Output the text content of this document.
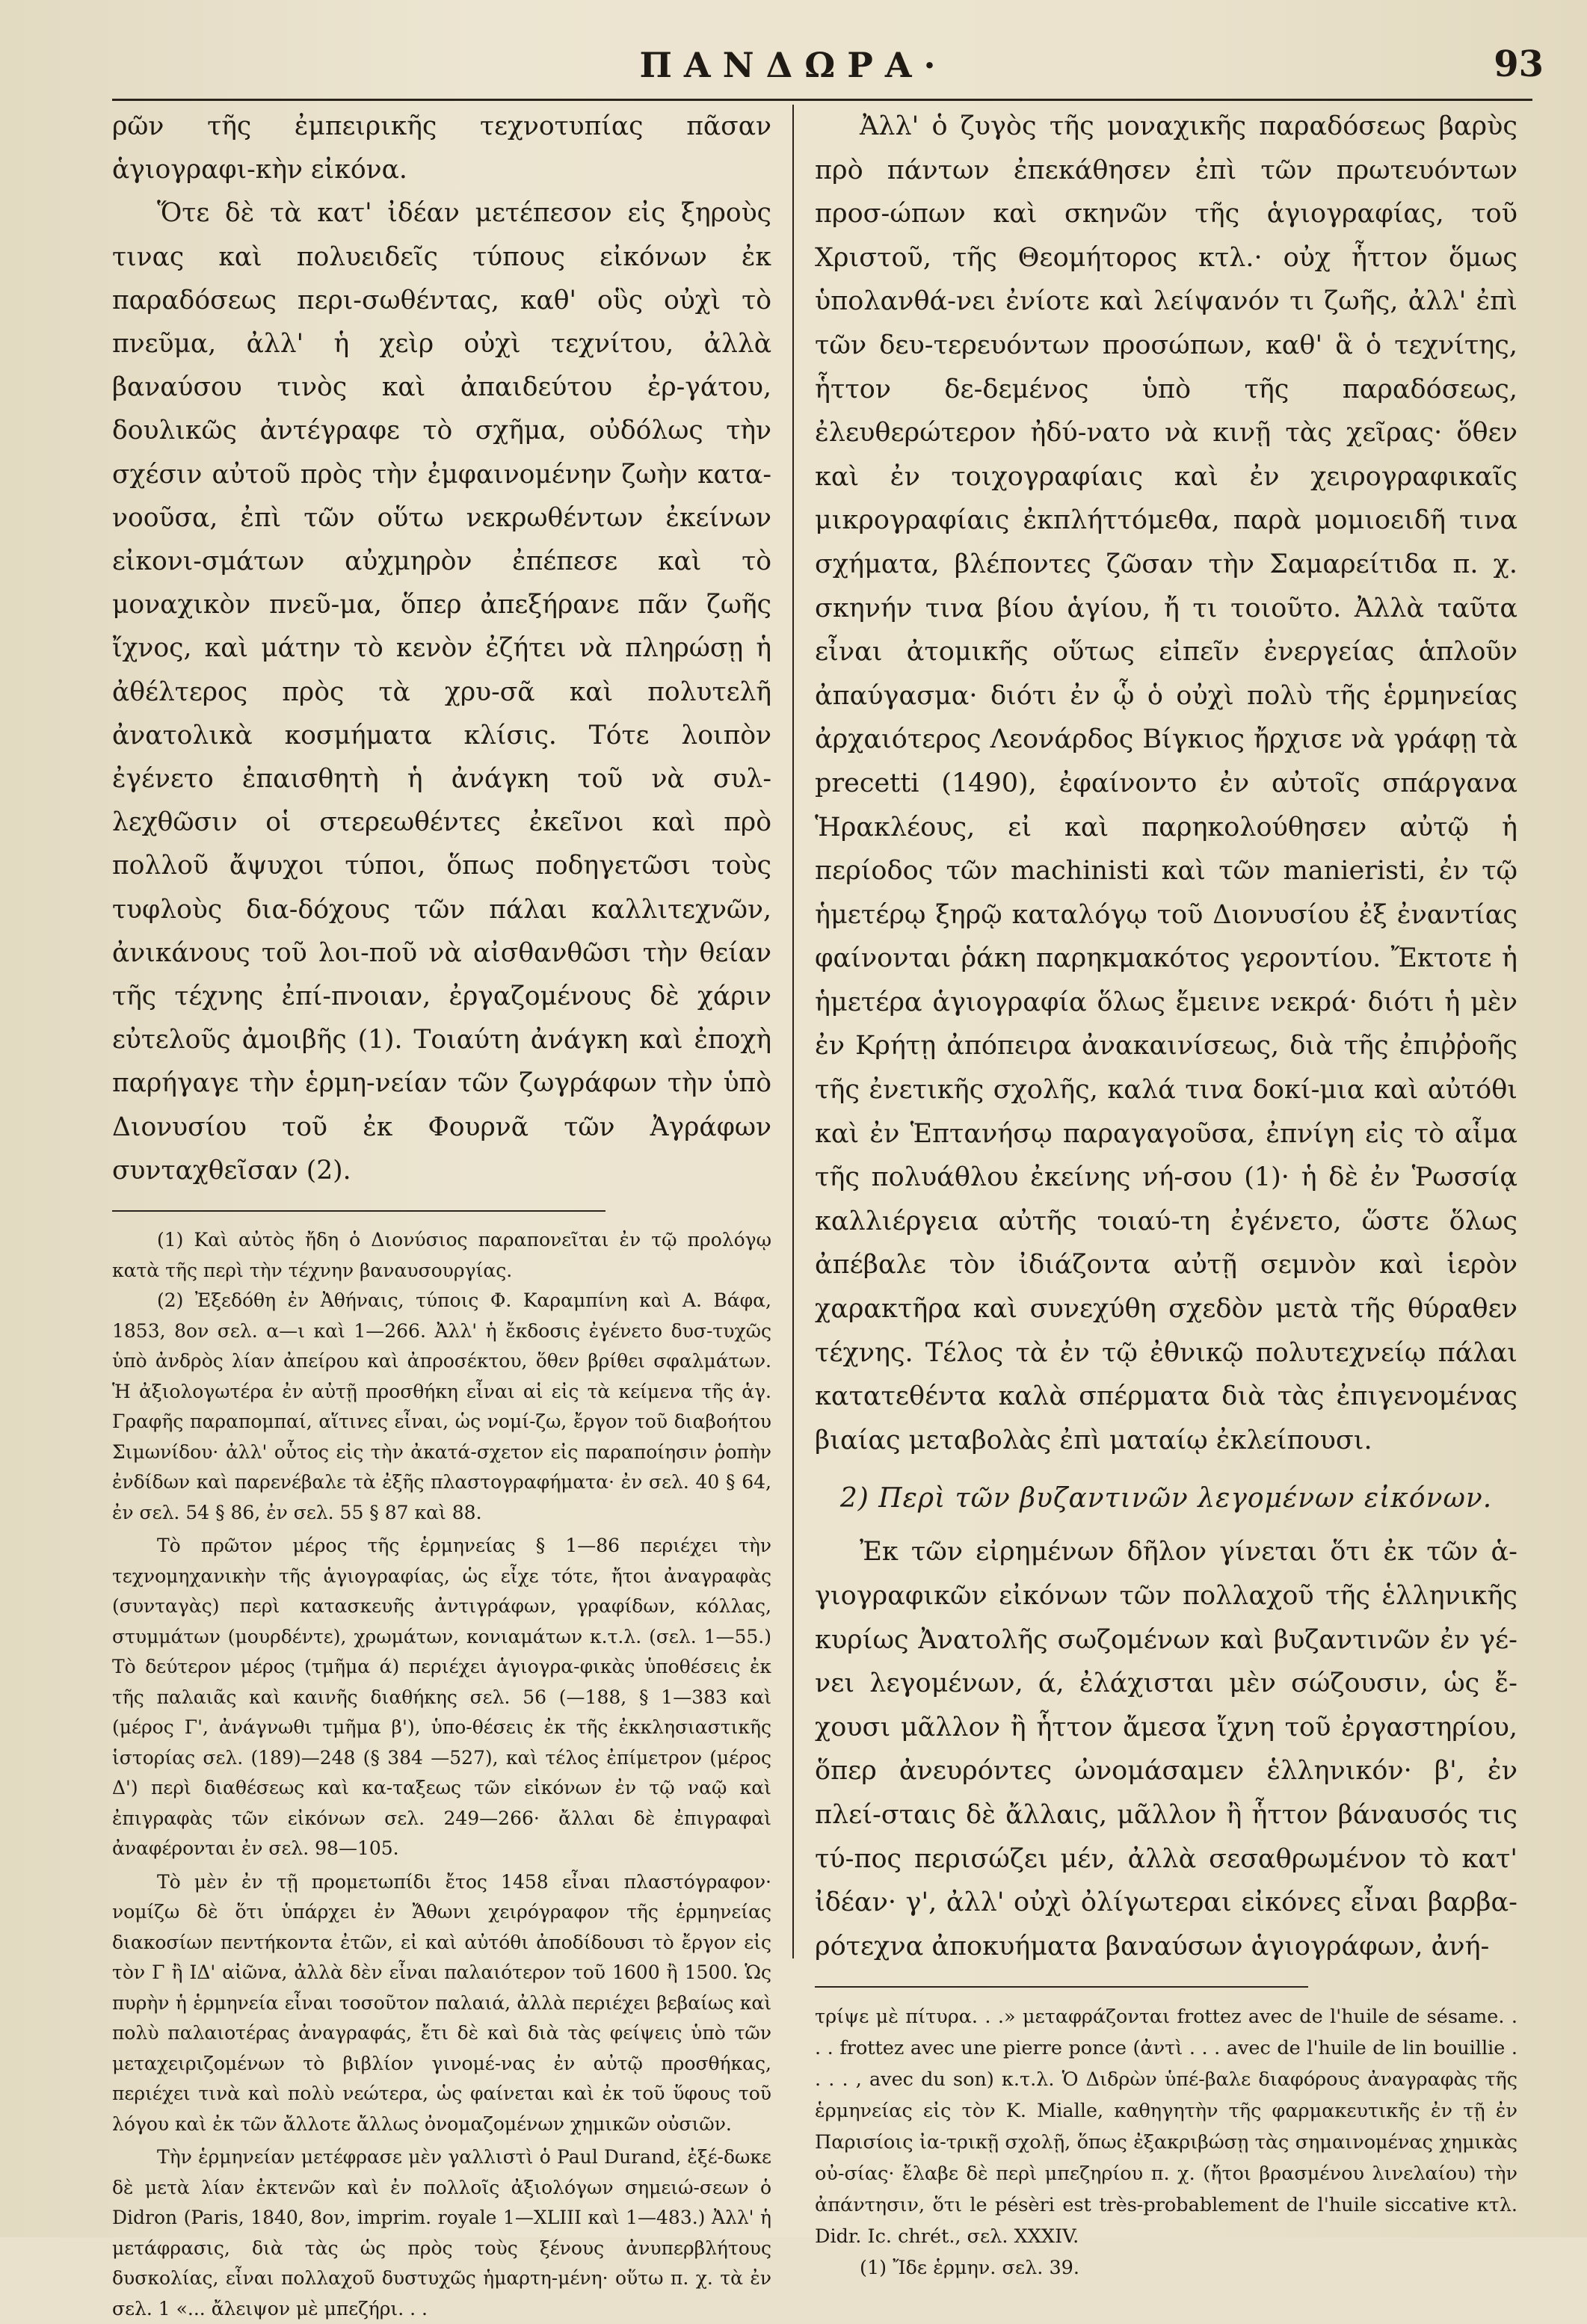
ΠΑΝΔΩΡΑ·	93

ρῶν τῆς ἐμπειρικῆς τεχνοτυπίας πᾶσαν ἁγιογραφι-κὴν εἰκόνα.

Ὅτε δὲ τὰ κατ' ἰδέαν μετέπεσον εἰς ξηροὺς τινας καὶ πολυειδεῖς τύπους εἰκόνων ἐκ παραδόσεως περι-σωθέντας, καθ' οὓς οὐχὶ τὸ πνεῦμα, ἀλλ' ἡ χεὶρ οὐχὶ τεχνίτου, ἀλλὰ βαναύσου τινὸς καὶ ἀπαιδεύτου ἐρ-γάτου, δουλικῶς ἀντέγραφε τὸ σχῆμα, οὐδόλως τὴν σχέσιν αὐτοῦ πρὸς τὴν ἐμφαινομένην ζωὴν κατα-νοοῦσα, ἐπὶ τῶν οὕτω νεκρωθέντων ἐκείνων εἰκονι-σμάτων αὐχμηρὸν ἐπέπεσε καὶ τὸ μοναχικὸν πνεῦ-μα, ὅπερ ἀπεξήρανε πᾶν ζωῆς ἴχνος, καὶ μάτην τὸ κενὸν ἐζήτει νὰ πληρώσῃ ἡ ἀθέλτερος πρὸς τὰ χρυ-σᾶ καὶ πολυτελῆ ἀνατολικὰ κοσμήματα κλίσις. Τότε λοιπὸν ἐγένετο ἐπαισθητὴ ἡ ἀνάγκη τοῦ νὰ συλ-λεχθῶσιν οἱ στερεωθέντες ἐκεῖνοι καὶ πρὸ πολλοῦ ἄψυχοι τύποι, ὅπως ποδηγετῶσι τοὺς τυφλοὺς δια-δόχους τῶν πάλαι καλλιτεχνῶν, ἀνικάνους τοῦ λοι-ποῦ νὰ αἰσθανθῶσι τὴν θείαν τῆς τέχνης ἐπί-πνοιαν, ἐργαζομένους δὲ χάριν εὐτελοῦς ἀμοιβῆς (1). Τοιαύτη ἀνάγκη καὶ ἐποχὴ παρήγαγε τὴν ἑρμη-νείαν τῶν ζωγράφων τὴν ὑπὸ Διονυσίου τοῦ ἐκ Φουρνᾶ τῶν Ἀγράφων συνταχθεῖσαν (2).

(1) Καὶ αὐτὸς ἤδη ὁ Διονύσιος παραπονεῖται ἐν τῷ προλόγῳ κατὰ τῆς περὶ τὴν τέχνην βαναυσουργίας.

(2) Ἐξεδόθη ἐν Ἀθήναις, τύποις Φ. Καραμπίνη καὶ Α. Βάφα, 1853, 8ον σελ. α—ι καὶ 1—266. Ἀλλ' ἡ ἔκδοσις ἐγένετο δυσ-τυχῶς ὑπὸ ἀνδρὸς λίαν ἀπείρου καὶ ἀπροσέκτου, ὅθεν βρίθει σφαλμάτων. Ἡ ἀξιολογωτέρα ἐν αὐτῇ προσθήκη εἶναι αἱ εἰς τὰ κείμενα τῆς ἁγ. Γραφῆς παραπομπαί, αἵτινες εἶναι, ὡς νομί-ζω, ἔργον τοῦ διαβοήτου Σιμωνίδου· ἀλλ' οὗτος εἰς τὴν ἀκατά-σχετον εἰς παραποίησιν ῥοπὴν ἐνδίδων καὶ παρενέβαλε τὰ ἐξῆς πλαστογραφήματα· ἐν σελ. 40 § 64, ἐν σελ. 54 § 86, ἐν σελ. 55 § 87 καὶ 88.

Τὸ πρῶτον μέρος τῆς ἑρμηνείας § 1—86 περιέχει τὴν τεχνομηχανικὴν τῆς ἁγιογραφίας, ὡς εἶχε τότε, ἤτοι ἀναγραφὰς (συνταγὰς) περὶ κατασκευῆς ἀντιγράφων, γραφίδων, κόλλας, στυμμάτων (μουρδέντε), χρωμάτων, κονιαμάτων κ.τ.λ. (σελ. 1—55.) Τὸ δεύτερον μέρος (τμῆμα ά) περιέχει ἁγιογρα-φικὰς ὑποθέσεις ἐκ τῆς παλαιᾶς καὶ καινῆς διαθήκης σελ. 56 (—188, § 1—383 καὶ (μέρος Γ', ἀνάγνωθι τμῆμα β'), ὑπο-θέσεις ἐκ τῆς ἐκκλησιαστικῆς ἱστορίας σελ. (189)—248 (§ 384 —527), καὶ τέλος ἐπίμετρον (μέρος Δ') περὶ διαθέσεως καὶ κα-ταξεως τῶν εἰκόνων ἐν τῷ ναῷ καὶ ἐπιγραφὰς τῶν εἰκόνων σελ. 249—266· ἄλλαι δὲ ἐπιγραφαὶ ἀναφέρονται ἐν σελ. 98—105.

Τὸ μὲν ἐν τῇ προμετωπίδι ἔτος 1458 εἶναι πλαστόγραφον· νομίζω δὲ ὅτι ὑπάρχει ἐν Ἄθωνι χειρόγραφον τῆς ἑρμηνείας διακοσίων πεντήκοντα ἐτῶν, εἰ καὶ αὐτόθι ἀποδίδουσι τὸ ἔργον εἰς τὸν Γ ἢ ΙΔ' αἰῶνα, ἀλλὰ δὲν εἶναι παλαιότερον τοῦ 1600 ἢ 1500. Ὡς πυρὴν ἡ ἑρμηνεία εἶναι τοσοῦτον παλαιά, ἀλλὰ περιέχει βεβαίως καὶ πολὺ παλαιοτέρας ἀναγραφάς, ἔτι δὲ καὶ διὰ τὰς φείψεις ὑπὸ τῶν μεταχειριζομένων τὸ βιβλίον γινομέ-νας ἐν αὐτῷ προσθήκας, περιέχει τινὰ καὶ πολὺ νεώτερα, ὡς φαίνεται καὶ ἐκ τοῦ ὕφους τοῦ λόγου καὶ ἐκ τῶν ἄλλοτε ἄλλως ὀνομαζομένων χημικῶν οὐσιῶν.

Τὴν ἑρμηνείαν μετέφρασε μὲν γαλλιστὶ ὁ Paul Durand, ἐξέ-δωκε δὲ μετὰ λίαν ἐκτενῶν καὶ ἐν πολλοῖς ἀξιολόγων σημειώ-σεων ὁ Didron (Paris, 1840, 8ον, imprim. royale 1—XLIII καὶ 1—483.) Ἀλλ' ἡ μετάφρασις, διὰ τὰς ὡς πρὸς τοὺς ξένους ἀνυπερβλήτους δυσκολίας, εἶναι πολλαχοῦ δυστυχῶς ἡμαρτη-μένη· οὕτω π. χ. τὰ ἐν σελ. 1 «... ἄλειψον μὲ μπεζήρι. . .

Ἀλλ' ὁ ζυγὸς τῆς μοναχικῆς παραδόσεως βαρὺς πρὸ πάντων ἐπεκάθησεν ἐπὶ τῶν πρωτευόντων προσ-ώπων καὶ σκηνῶν τῆς ἁγιογραφίας, τοῦ Χριστοῦ, τῆς Θεομήτορος κτλ.· οὐχ ἧττον ὅμως ὑπολανθά-νει ἐνίοτε καὶ λείψανόν τι ζωῆς, ἀλλ' ἐπὶ τῶν δευ-τερευόντων προσώπων, καθ' ἃ ὁ τεχνίτης, ἧττον δε-δεμένος ὑπὸ τῆς παραδόσεως, ἐλευθερώτερον ἠδύ-νατο νὰ κινῇ τὰς χεῖρας· ὅθεν καὶ ἐν τοιχογραφίαις καὶ ἐν χειρογραφικαῖς μικρογραφίαις ἐκπλήττόμεθα, παρὰ μομιοειδῆ τινα σχήματα, βλέποντες ζῶσαν τὴν Σαμαρείτιδα π. χ. σκηνήν τινα βίου ἁγίου, ἤ τι τοιοῦτο. Ἀλλὰ ταῦτα εἶναι ἀτομικῆς οὕτως εἰπεῖν ἐνεργείας ἁπλοῦν ἀπαύγασμα· διότι ἐν ᾧ ὁ οὐχὶ πολὺ τῆς ἑρμηνείας ἀρχαιότερος Λεονάρδος Βίγκιος ἤρχισε νὰ γράφῃ τὰ precetti (1490), ἐφαίνοντο ἐν αὐτοῖς σπάργανα Ἡρακλέους, εἰ καὶ παρηκολούθησεν αὐτῷ ἡ περίοδος τῶν machinisti καὶ τῶν manieristi, ἐν τῷ ἡμετέρῳ ξηρῷ καταλόγῳ τοῦ Διονυσίου ἐξ ἐναντίας φαίνονται ῥάκη παρηκμακότος γεροντίου. Ἔκτοτε ἡ ἡμετέρα ἁγιογραφία ὅλως ἔμεινε νεκρά· διότι ἡ μὲν ἐν Κρήτῃ ἀπόπειρα ἀνακαινίσεως, διὰ τῆς ἐπιῤῥοῆς τῆς ἐνετικῆς σχολῆς, καλά τινα δοκί-μια καὶ αὐτόθι καὶ ἐν Ἑπτανήσῳ παραγαγοῦσα, ἐπνίγη εἰς τὸ αἷμα τῆς πολυάθλου ἐκείνης νή-σου (1)· ἡ δὲ ἐν Ῥωσσίᾳ καλλιέργεια αὐτῆς τοιαύ-τη ἐγένετο, ὥστε ὅλως ἀπέβαλε τὸν ἰδιάζοντα αὐτῇ σεμνὸν καὶ ἱερὸν χαρακτῆρα καὶ συνεχύθη σχεδὸν μετὰ τῆς θύραθεν τέχνης. Τέλος τὰ ἐν τῷ ἐθνικῷ πολυτεχνείῳ πάλαι κατατεθέντα καλὰ σπέρματα διὰ τὰς ἐπιγενομένας βιαίας μεταβολὰς ἐπὶ ματαίῳ ἐκλείπουσι.

2) Περὶ τῶν βυζαντινῶν λεγομένων εἰκόνων.

Ἐκ τῶν εἰρημένων δῆλον γίνεται ὅτι ἐκ τῶν ἁ-γιογραφικῶν εἰκόνων τῶν πολλαχοῦ τῆς ἑλληνικῆς κυρίως Ἀνατολῆς σωζομένων καὶ βυζαντινῶν ἐν γέ-νει λεγομένων, ά, ἐλάχισται μὲν σώζουσιν, ὡς ἔ-χουσι μᾶλλον ἢ ἧττον ἄμεσα ἴχνη τοῦ ἐργαστηρίου, ὅπερ ἀνευρόντες ὠνομάσαμεν ἑλληνικόν· β', ἐν πλεί-σταις δὲ ἄλλαις, μᾶλλον ἢ ἧττον βάναυσός τις τύ-πος περισώζει μέν, ἀλλὰ σεσαθρωμένον τὸ κατ' ἰδέαν· γ', ἀλλ' οὐχὶ ὀλίγωτεραι εἰκόνες εἶναι βαρβα-ρότεχνα ἀποκυήματα βαναύσων ἁγιογράφων, ἀνή-

τρίψε μὲ πίτυρα. . .» μεταφράζονται frottez avec de l'huile de sésame. . . . frottez avec une pierre ponce (ἀντὶ . . . avec de l'huile de lin bouillie . . . . , avec du son) κ.τ.λ. Ὁ Διδρὼν ὑπέ-βαλε διαφόρους ἀναγραφὰς τῆς ἑρμηνείας εἰς τὸν Κ. Mialle, καθηγητὴν τῆς φαρμακευτικῆς ἐν τῇ ἐν Παρισίοις ἰα-τρικῇ σχολῇ, ὅπως ἐξακριβώσῃ τὰς σημαινομένας χημικὰς οὐ-σίας· ἔλαβε δὲ περὶ μπεζηρίου π. χ. (ἤτοι βρασμένου λινελαίου) τὴν ἀπάντησιν, ὅτι le pésèri est très-probablement de l'huile siccative κτλ. Didr. Ic. chrét., σελ. XXXIV.

(1) Ἴδε ἑρμην. σελ. 39.
